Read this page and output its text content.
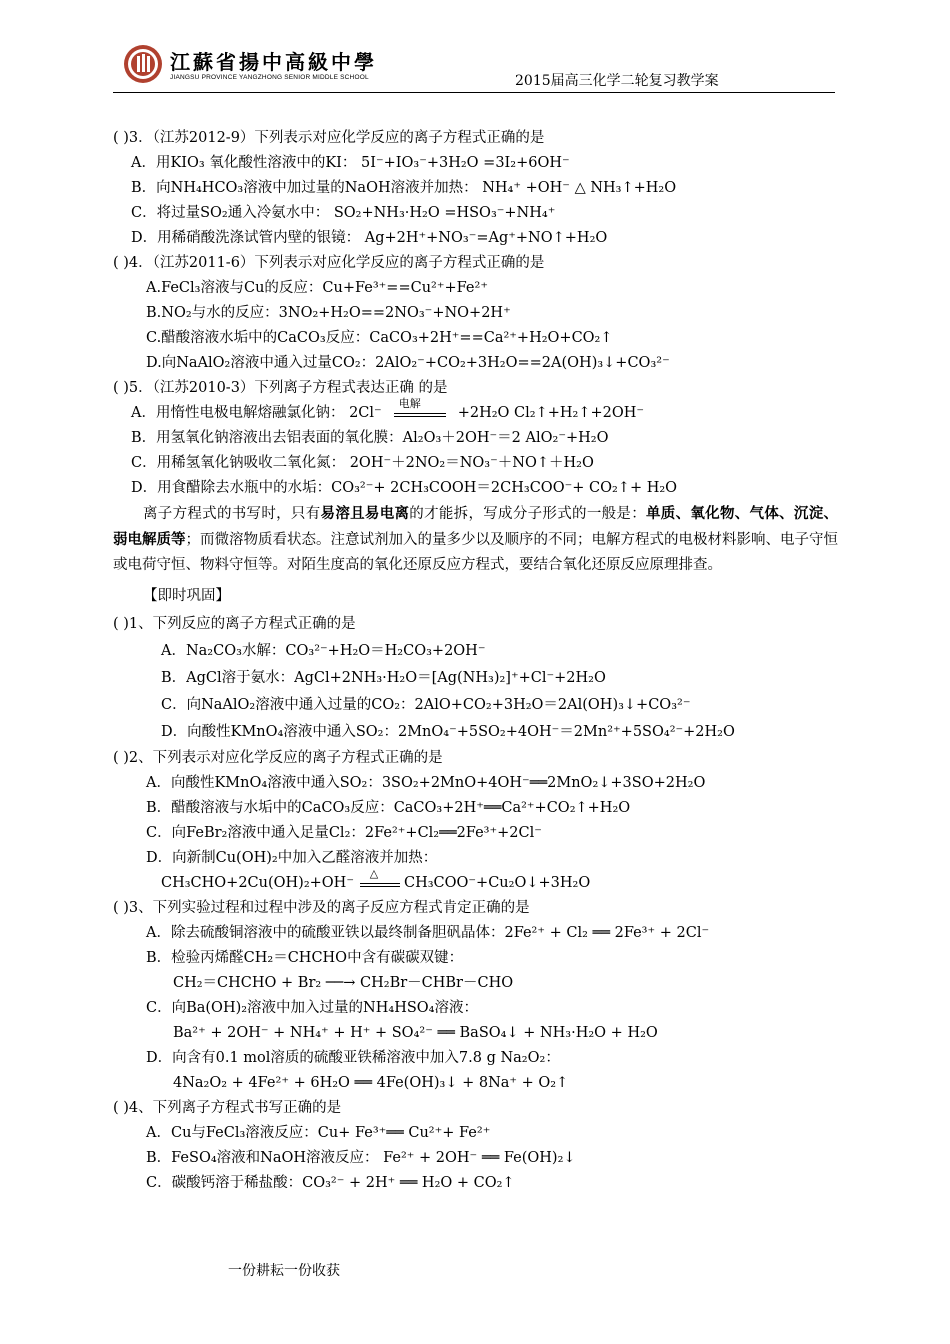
江蘇省揚中高級中學
JIANGSU PROVINCE YANGZHONG SENIOR MIDDLE SCHOOL	2015届高三化学二轮复习教学案
( )3．（江苏2012-9）下列表示对应化学反应的离子方程式正确的是
A．用KIO₃ 氧化酸性溶液中的KI： 5I⁻+IO₃⁻+3H₂O =3I₂+6OH⁻
B．向NH₄HCO₃溶液中加过量的NaOH溶液并加热： NH₄⁺ +OH⁻ △ NH₃↑+H₂O
C．将过量SO₂通入冷氨水中： SO₂+NH₃·H₂O =HSO₃⁻+NH₄⁺
D．用稀硝酸洗涤试管内壁的银镜： Ag+2H⁺+NO₃⁻=Ag⁺+NO↑+H₂O
( )4．（江苏2011-6）下列表示对应化学反应的离子方程式正确的是
A.FeCl₃溶液与Cu的反应：Cu+Fe³⁺==Cu²⁺+Fe²⁺
B.NO₂与水的反应：3NO₂+H₂O==2NO₃⁻+NO+2H⁺
C.醋酸溶液水垢中的CaCO₃反应：CaCO₃+2H⁺==Ca²⁺+H₂O+CO₂↑
D.向NaAlO₂溶液中通入过量CO₂：2AlO₂⁻+CO₂+3H₂O==2A(OH)₃↓+CO₃²⁻
( )5．（江苏2010-3）下列离子方程式表达正确 的是
A．用惰性电极电解熔融氯化钠： 2Cl⁻电解+2H₂O Cl₂↑+H₂↑+2OH⁻
B．用氢氧化钠溶液出去铝表面的氧化膜：Al₂O₃＋2OH⁻＝2 AlO₂⁻+H₂O
C．用稀氢氧化钠吸收二氧化氮： 2OH⁻＋2NO₂＝NO₃⁻＋NO↑＋H₂O
D．用食醋除去水瓶中的水垢：CO₃²⁻+ 2CH₃COOH＝2CH₃COO⁻+ CO₂↑+ H₂O
离子方程式的书写时，只有易溶且易电离的才能拆，写成分子形式的一般是：单质、氧化物、气体、沉淀、弱电解质等；而微溶物质看状态。注意试剂加入的量多少以及顺序的不同；电解方程式的电极材料影响、电子守恒或电荷守恒、物料守恒等。对陌生度高的氧化还原反应方程式，要结合氧化还原反应原理排查。
【即时巩固】
( )1、下列反应的离子方程式正确的是
A．Na₂CO₃水解：CO₃²⁻+H₂O＝H₂CO₃+2OH⁻
B．AgCl溶于氨水：AgCl+2NH₃·H₂O＝[Ag(NH₃)₂]⁺+Cl⁻+2H₂O
C．向NaAlO₂溶液中通入过量的CO₂：2AlO+CO₂+3H₂O＝2Al(OH)₃↓+CO₃²⁻
D．向酸性KMnO₄溶液中通入SO₂：2MnO₄⁻+5SO₂+4OH⁻＝2Mn²⁺+5SO₄²⁻+2H₂O
( )2、下列表示对应化学反应的离子方程式正确的是
A．向酸性KMnO₄溶液中通入SO₂：3SO₂+2MnO+4OH⁻══2MnO₂↓+3SO+2H₂O
B．醋酸溶液与水垢中的CaCO₃反应：CaCO₃+2H⁺══Ca²⁺+CO₂↑+H₂O
C．向FeBr₂溶液中通入足量Cl₂：2Fe²⁺+Cl₂══2Fe³⁺+2Cl⁻
D．向新制Cu(OH)₂中加入乙醛溶液并加热：
CH₃CHO+2Cu(OH)₂+OH⁻△CH₃COO⁻+Cu₂O↓+3H₂O
( )3、下列实验过程和过程中涉及的离子反应方程式肯定正确的是
A．除去硫酸铜溶液中的硫酸亚铁以最终制备胆矾晶体：2Fe²⁺ + Cl₂ ══ 2Fe³⁺ + 2Cl⁻
B．检验丙烯醛CH₂＝CHCHO中含有碳碳双键：
CH₂＝CHCHO + Br₂ ──→ CH₂Br－CHBr－CHO
C．向Ba(OH)₂溶液中加入过量的NH₄HSO₄溶液：
Ba²⁺ + 2OH⁻ + NH₄⁺ + H⁺ + SO₄²⁻ ══ BaSO₄↓ + NH₃·H₂O + H₂O
D．向含有0.1 mol溶质的硫酸亚铁稀溶液中加入7.8 g Na₂O₂：
4Na₂O₂ + 4Fe²⁺ + 6H₂O ══ 4Fe(OH)₃↓ + 8Na⁺ + O₂↑
( )4、下列离子方程式书写正确的是
A．Cu与FeCl₃溶液反应：Cu+ Fe³⁺══ Cu²⁺+ Fe²⁺
B．FeSO₄溶液和NaOH溶液反应： Fe²⁺ + 2OH⁻ ══ Fe(OH)₂↓
C．碳酸钙溶于稀盐酸：CO₃²⁻ + 2H⁺ ══ H₂O + CO₂↑
一份耕耘一份收获
